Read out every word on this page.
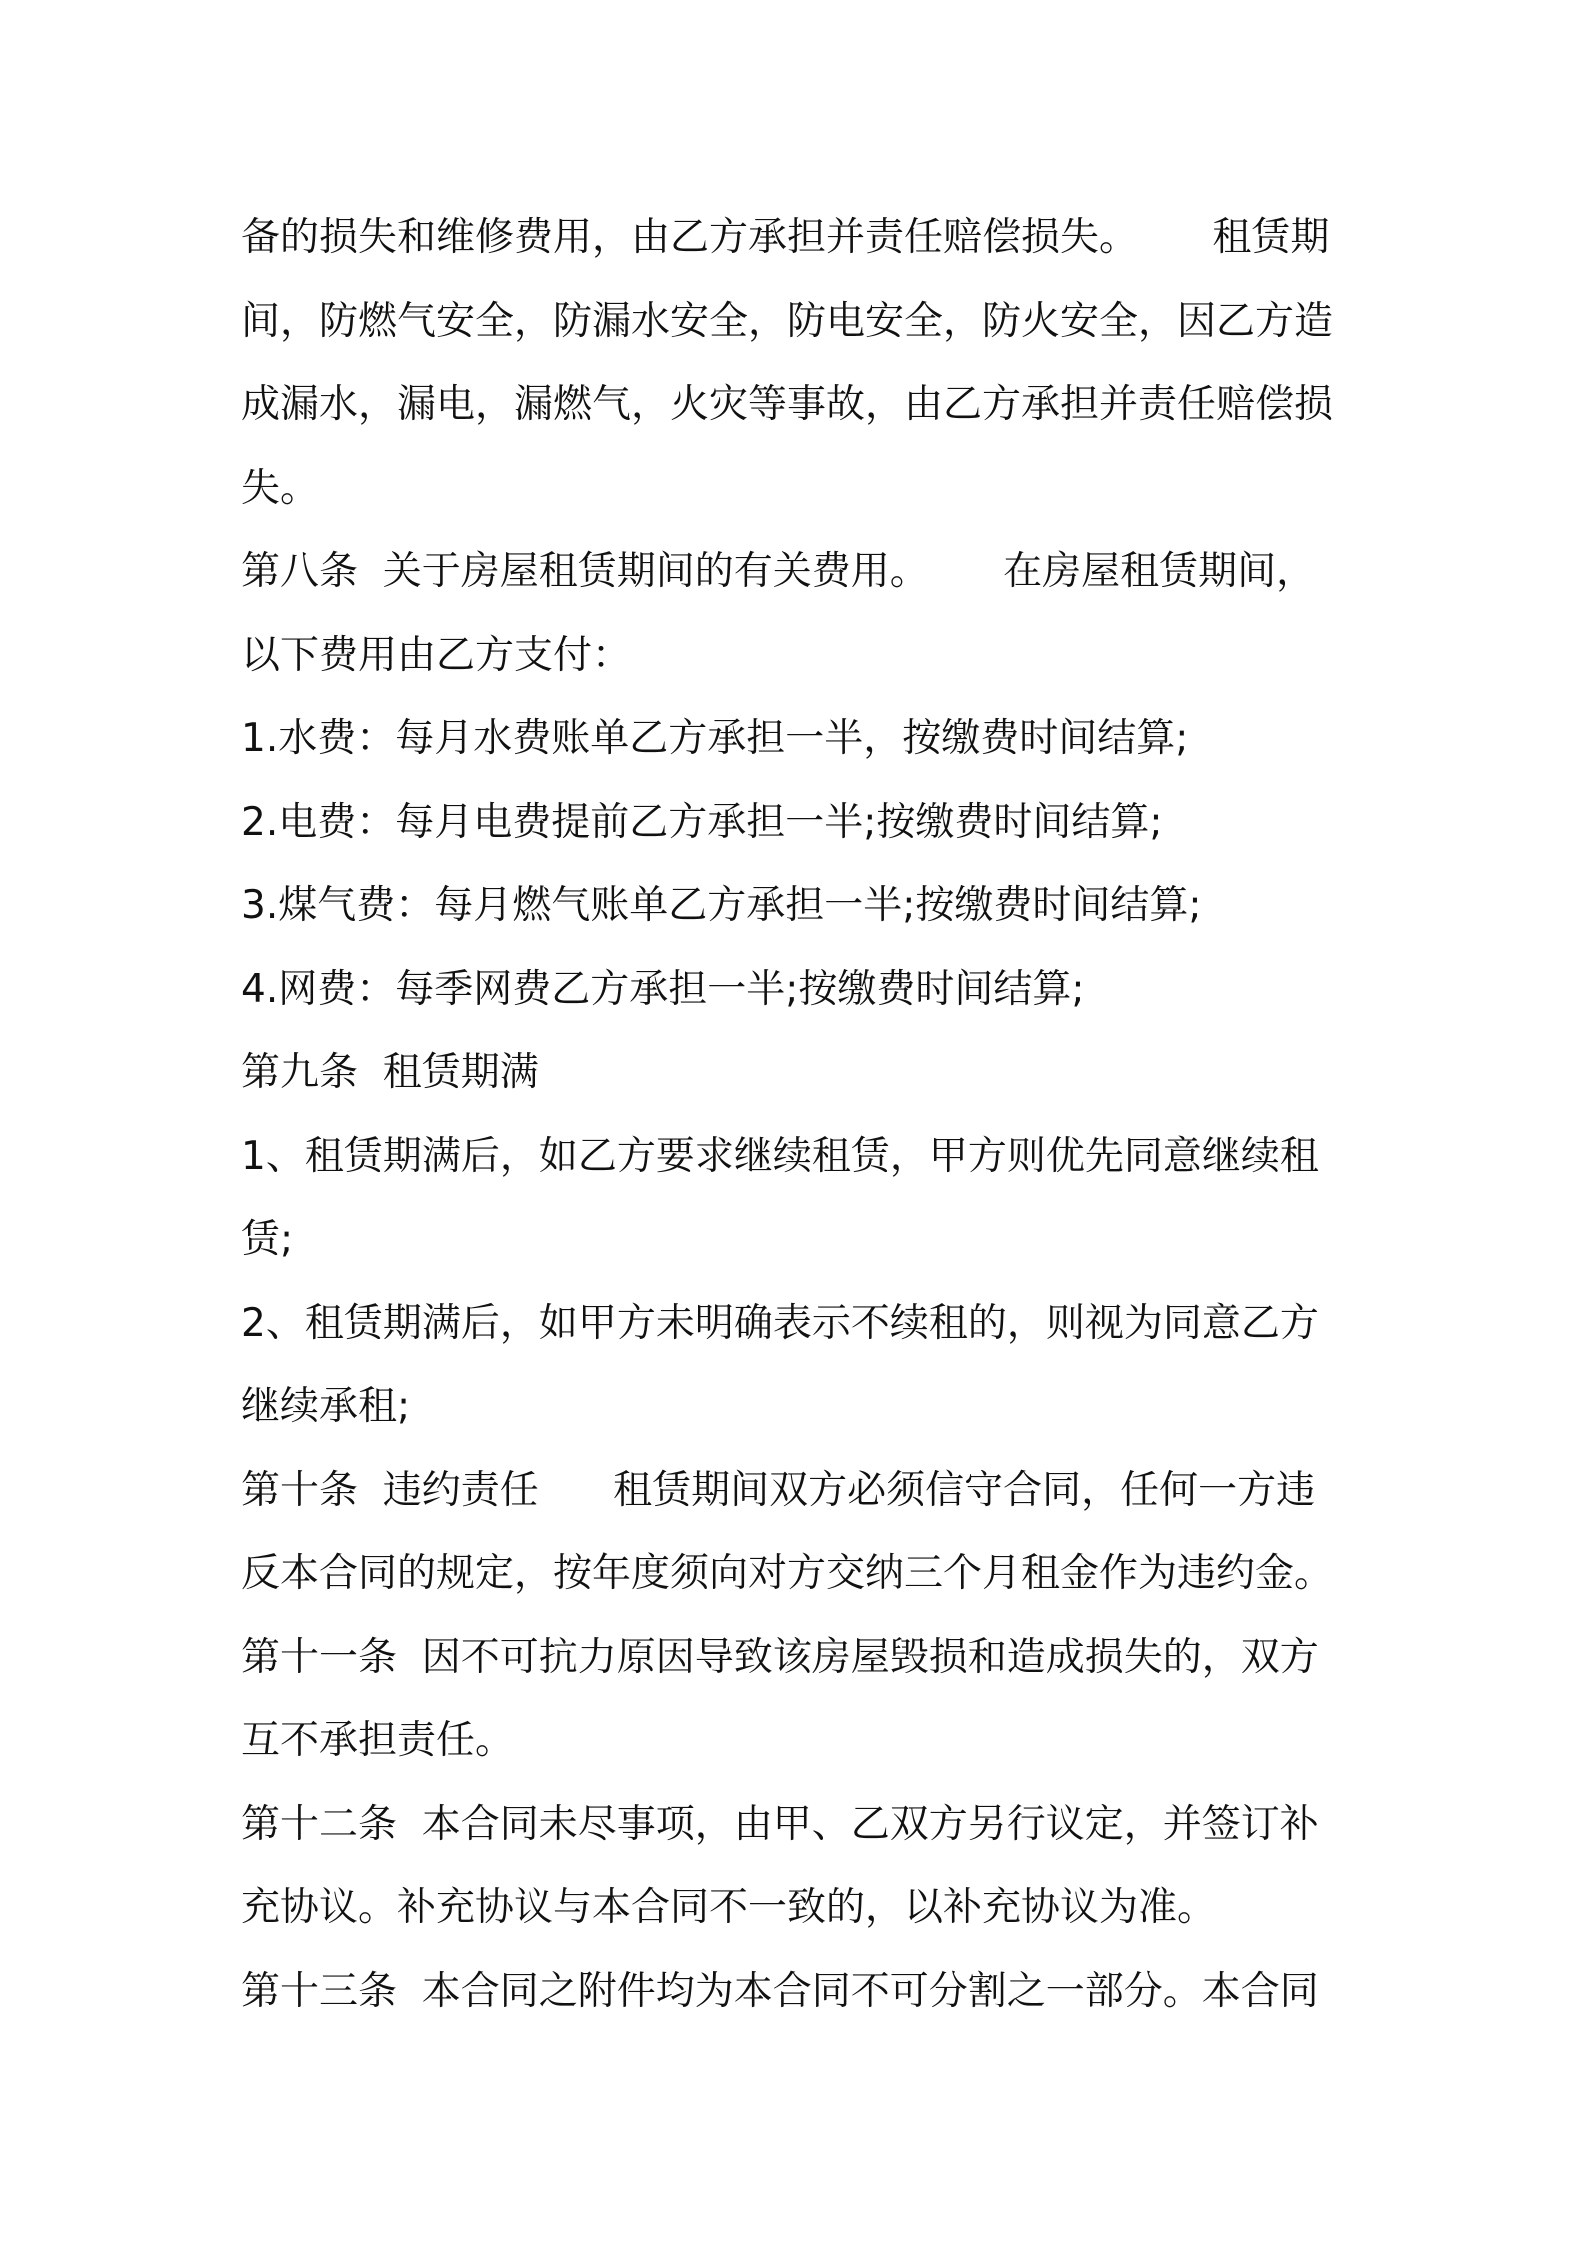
备的损失和维修费用，由乙方承担并责任赔偿损失。      租赁期
间，防燃气安全，防漏水安全，防电安全，防火安全，因乙方造
成漏水，漏电，漏燃气，火灾等事故，由乙方承担并责任赔偿损
失。
第八条  关于房屋租赁期间的有关费用。      在房屋租赁期间，
以下费用由乙方支付：
1.水费：每月水费账单乙方承担一半，按缴费时间结算;
2.电费：每月电费提前乙方承担一半;按缴费时间结算;
3.煤气费：每月燃气账单乙方承担一半;按缴费时间结算;
4.网费：每季网费乙方承担一半;按缴费时间结算;
第九条  租赁期满
1、租赁期满后，如乙方要求继续租赁，甲方则优先同意继续租
赁;
2、租赁期满后，如甲方未明确表示不续租的，则视为同意乙方
继续承租;
第十条  违约责任      租赁期间双方必须信守合同，任何一方违
反本合同的规定，按年度须向对方交纳三个月租金作为违约金。
第十一条  因不可抗力原因导致该房屋毁损和造成损失的，双方
互不承担责任。
第十二条  本合同未尽事项，由甲、乙双方另行议定，并签订补
充协议。补充协议与本合同不一致的，以补充协议为准。
第十三条  本合同之附件均为本合同不可分割之一部分。本合同
